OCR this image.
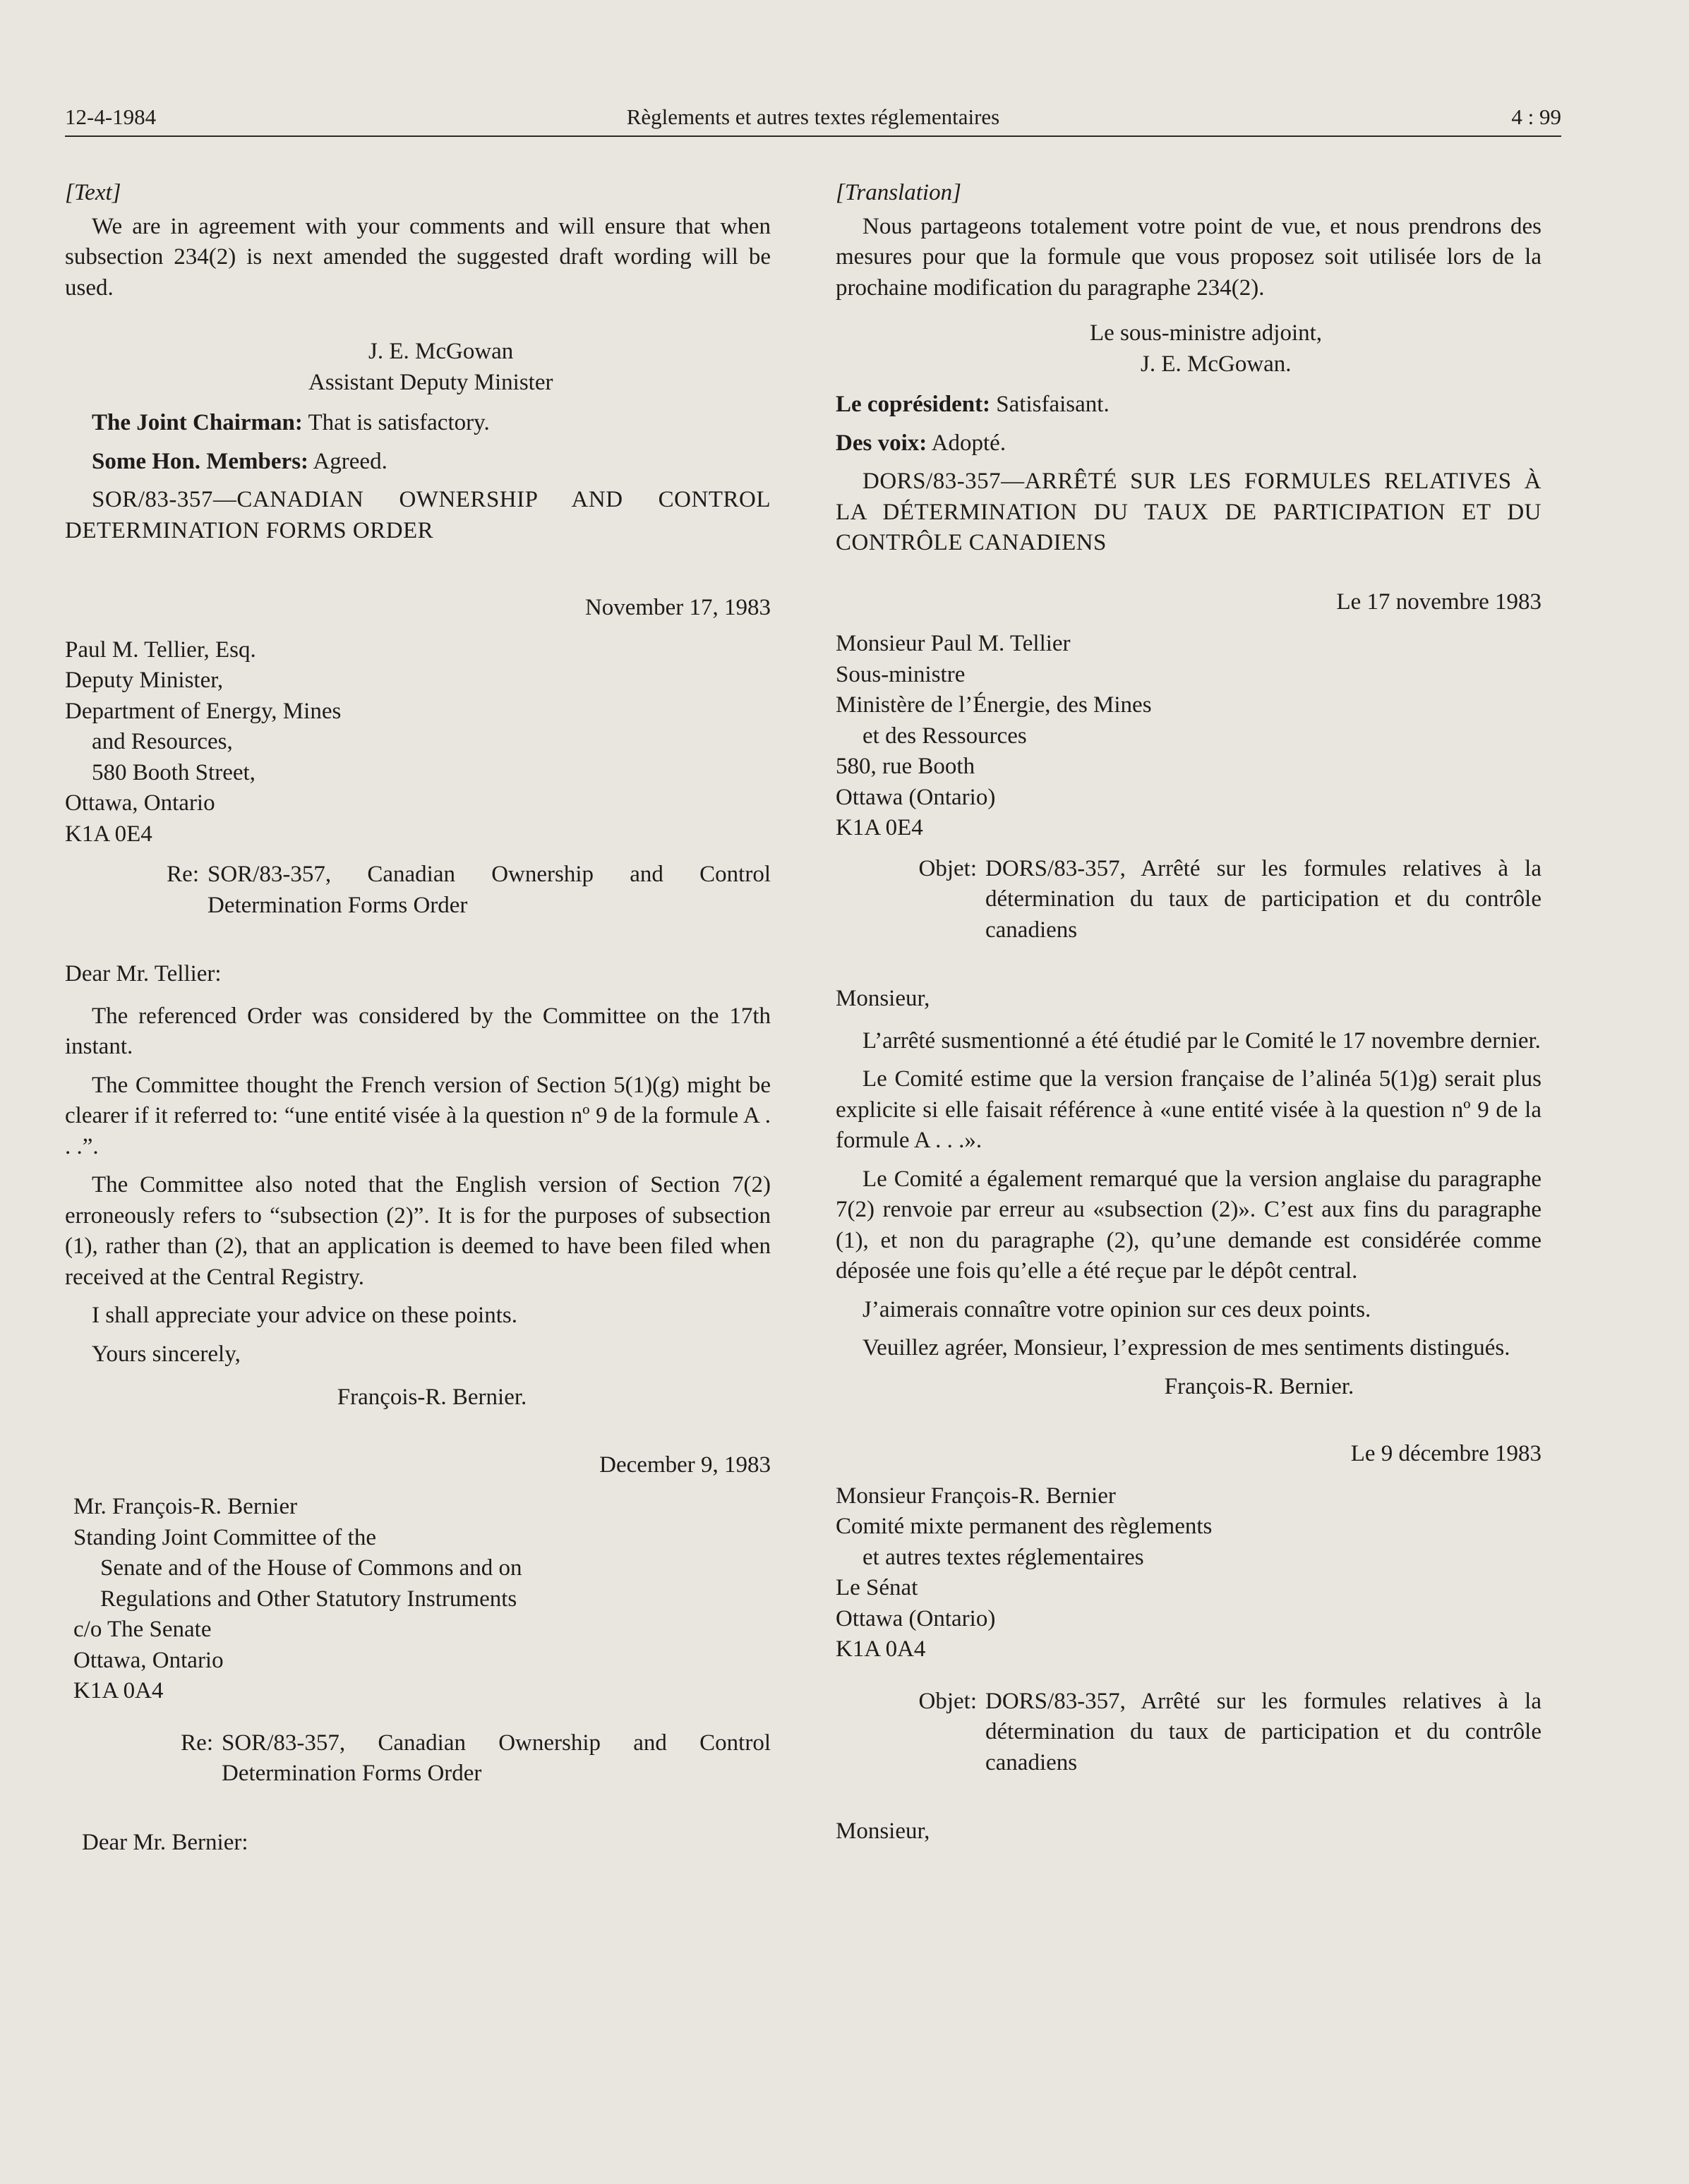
12-4-1984	Règlements et autres textes réglementaires	4 : 99

[Text]

We are in agreement with your comments and will ensure that when subsection 234(2) is next amended the suggested draft wording will be used.

J. E. McGowan

Assistant Deputy Minister

The Joint Chairman: That is satisfactory.

Some Hon. Members: Agreed.

SOR/83-357—CANADIAN OWNERSHIP AND CONTROL DETERMINATION FORMS ORDER

November 17, 1983

Paul M. Tellier, Esq.

Deputy Minister,

Department of Energy, Mines

and Resources,

580 Booth Street,

Ottawa, Ontario

K1A 0E4

Re: SOR/83-357, Canadian Ownership and Control Determination Forms Order

Dear Mr. Tellier:

The referenced Order was considered by the Committee on the 17th instant.

The Committee thought the French version of Section 5(1)(g) might be clearer if it referred to: “une entité visée à la question nº 9 de la formule A . . .”.

The Committee also noted that the English version of Section 7(2) erroneously refers to “subsection (2)”. It is for the purposes of subsection (1), rather than (2), that an application is deemed to have been filed when received at the Central Registry.

I shall appreciate your advice on these points.

Yours sincerely,

François-R. Bernier.

December 9, 1983

Mr. François-R. Bernier

Standing Joint Committee of the

Senate and of the House of Commons and on

Regulations and Other Statutory Instruments

c/o The Senate

Ottawa, Ontario

K1A 0A4

Re: SOR/83-357, Canadian Ownership and Control Determination Forms Order

Dear Mr. Bernier:

[Translation]

Nous partageons totalement votre point de vue, et nous prendrons des mesures pour que la formule que vous proposez soit utilisée lors de la prochaine modification du paragraphe 234(2).

Le sous-ministre adjoint,

J. E. McGowan.

Le coprésident: Satisfaisant.

Des voix: Adopté.

DORS/83-357—ARRÊTÉ SUR LES FORMULES RELATIVES À LA DÉTERMINATION DU TAUX DE PARTICIPATION ET DU CONTRÔLE CANADIENS

Le 17 novembre 1983

Monsieur Paul M. Tellier

Sous-ministre

Ministère de l’Énergie, des Mines

et des Ressources

580, rue Booth

Ottawa (Ontario)

K1A 0E4

Objet: DORS/83-357, Arrêté sur les formules relatives à la détermination du taux de participation et du contrôle canadiens

Monsieur,

L’arrêté susmentionné a été étudié par le Comité le 17 novembre dernier.

Le Comité estime que la version française de l’alinéa 5(1)g) serait plus explicite si elle faisait référence à «une entité visée à la question nº 9 de la formule A . . .».

Le Comité a également remarqué que la version anglaise du paragraphe 7(2) renvoie par erreur au «subsection (2)». C’est aux fins du paragraphe (1), et non du paragraphe (2), qu’une demande est considérée comme déposée une fois qu’elle a été reçue par le dépôt central.

J’aimerais connaître votre opinion sur ces deux points.

Veuillez agréer, Monsieur, l’expression de mes sentiments distingués.

François-R. Bernier.

Le 9 décembre 1983

Monsieur François-R. Bernier

Comité mixte permanent des règlements

et autres textes réglementaires

Le Sénat

Ottawa (Ontario)

K1A 0A4

Objet: DORS/83-357, Arrêté sur les formules relatives à la détermination du taux de participation et du contrôle canadiens

Monsieur,
